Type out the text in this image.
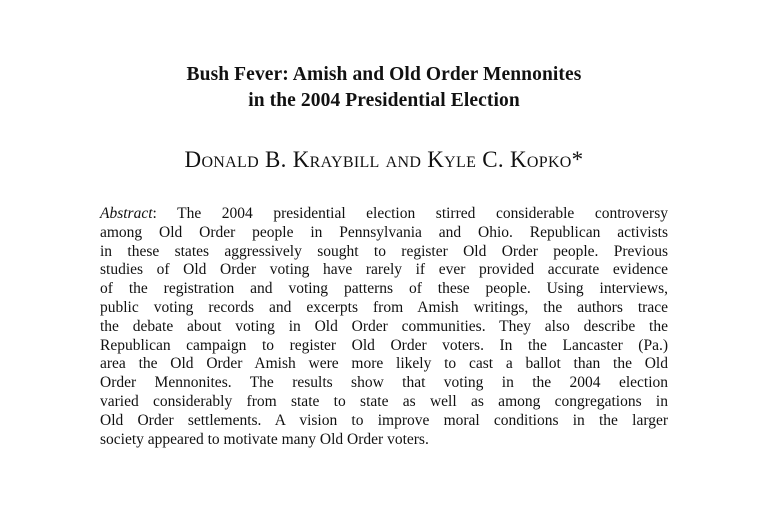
Bush Fever: Amish and Old Order Mennonites
in the 2004 Presidential Election
Donald B. Kraybill and Kyle C. Kopko*
Abstract: The 2004 presidential election stirred considerable controversy
among Old Order people in Pennsylvania and Ohio. Republican activists
in these states aggressively sought to register Old Order people. Previous
studies of Old Order voting have rarely if ever provided accurate evidence
of the registration and voting patterns of these people. Using interviews,
public voting records and excerpts from Amish writings, the authors trace
the debate about voting in Old Order communities. They also describe the
Republican campaign to register Old Order voters. In the Lancaster (Pa.)
area the Old Order Amish were more likely to cast a ballot than the Old
Order Mennonites. The results show that voting in the 2004 election
varied considerably from state to state as well as among congregations in
Old Order settlements. A vision to improve moral conditions in the larger
society appeared to motivate many Old Order voters.
